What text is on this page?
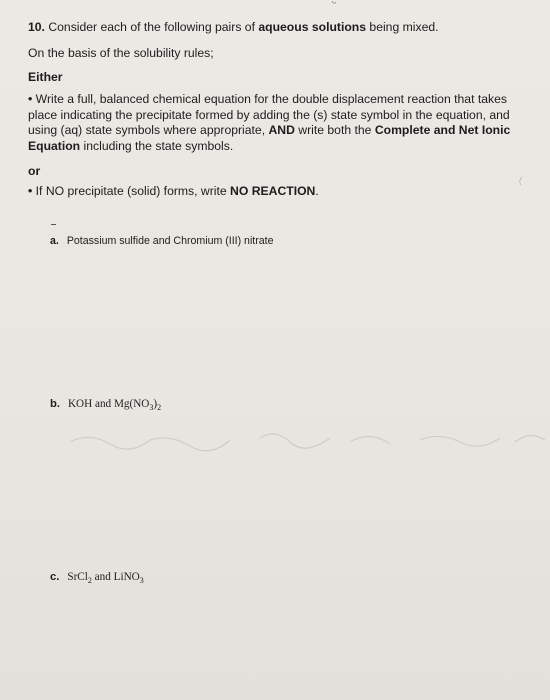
10. Consider each of the following pairs of aqueous solutions being mixed.
On the basis of the solubility rules;
Either
• Write a full, balanced chemical equation for the double displacement reaction that takes place indicating the precipitate formed by adding the (s) state symbol in the equation, and using (aq) state symbols where appropriate, AND write both the Complete and Net Ionic Equation including the state symbols.
or
• If NO precipitate (solid) forms, write NO REACTION.
a. Potassium sulfide and Chromium (III) nitrate
b. KOH and $Mg(NO_3)_2$
c. SrCl$_2$ and LiNO$_3$
